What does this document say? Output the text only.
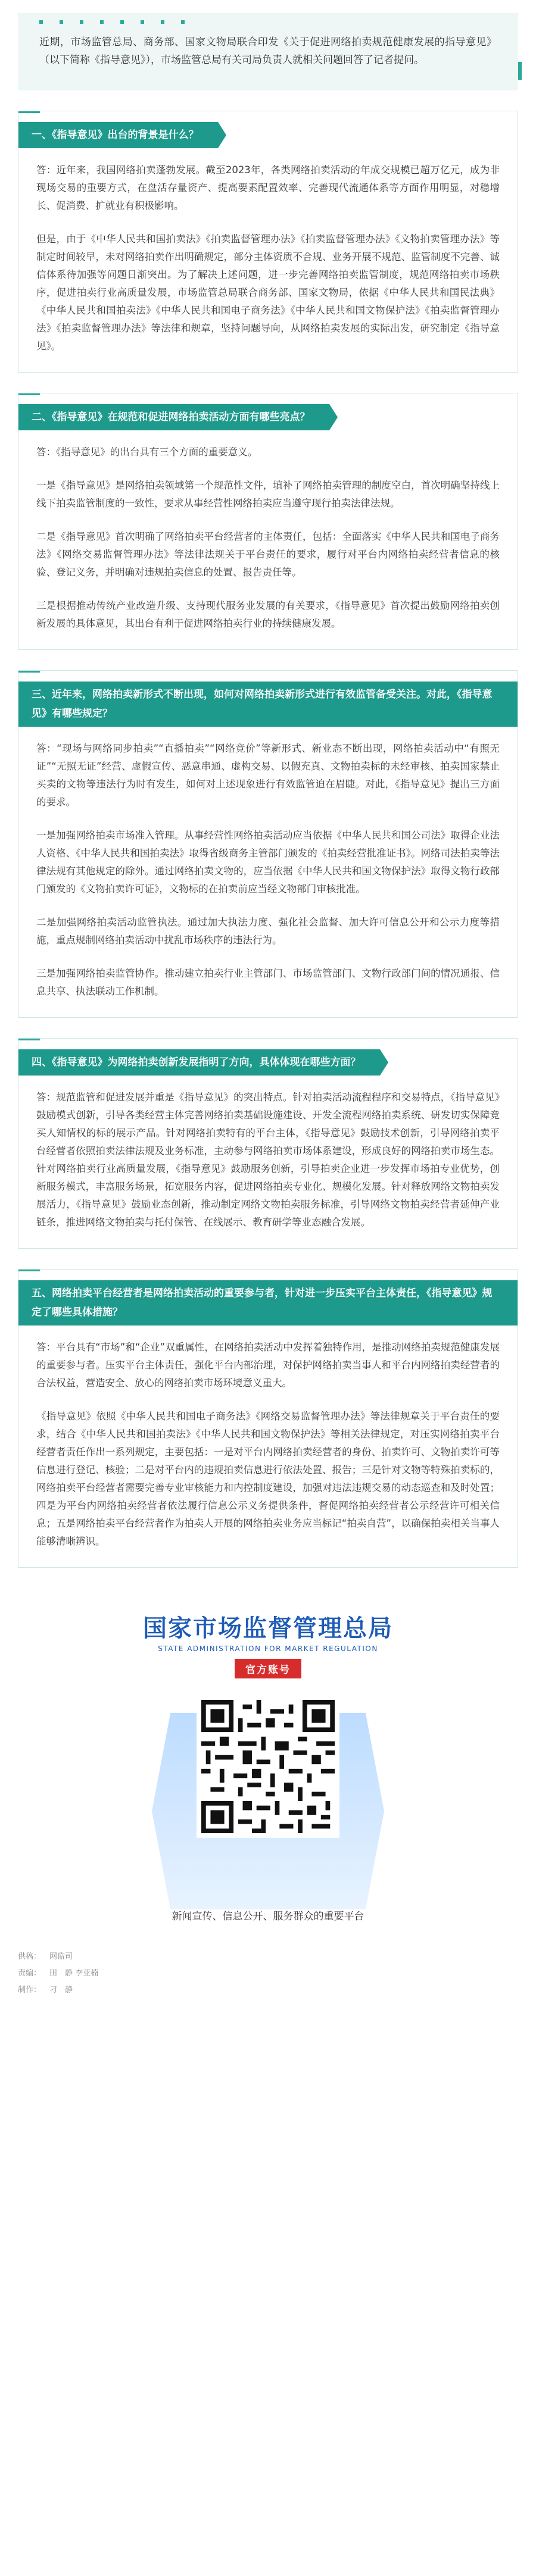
近期，市场监管总局、商务部、国家文物局联合印发《关于促进网络拍卖规范健康发展的指导意见》（以下简称《指导意见》），市场监管总局有关司局负责人就相关问题回答了记者提问。

一、《指导意见》出台的背景是什么？

答：近年来，我国网络拍卖蓬勃发展。截至2023年，各类网络拍卖活动的年成交规模已超万亿元，成为非现场交易的重要方式，在盘活存量资产、提高要素配置效率、完善现代流通体系等方面作用明显，对稳增长、促消费、扩就业有积极影响。

但是，由于《中华人民共和国拍卖法》《拍卖监督管理办法》《拍卖监督管理办法》《文物拍卖管理办法》等制定时间较早，未对网络拍卖作出明确规定，部分主体资质不合规、业务开展不规范、监管制度不完善、诚信体系待加强等问题日渐突出。为了解决上述问题，进一步完善网络拍卖监管制度，规范网络拍卖市场秩序，促进拍卖行业高质量发展，市场监管总局联合商务部、国家文物局，依据《中华人民共和国民法典》《中华人民共和国拍卖法》《中华人民共和国电子商务法》《中华人民共和国文物保护法》《拍卖监督管理办法》《拍卖监督管理办法》等法律和规章，坚持问题导向，从网络拍卖发展的实际出发，研究制定《指导意见》。

二、《指导意见》在规范和促进网络拍卖活动方面有哪些亮点？

答：《指导意见》的出台具有三个方面的重要意义。

一是《指导意见》是网络拍卖领域第一个规范性文件，填补了网络拍卖管理的制度空白，首次明确坚持线上线下拍卖监管制度的一致性，要求从事经营性网络拍卖应当遵守现行拍卖法律法规。

二是《指导意见》首次明确了网络拍卖平台经营者的主体责任，包括：全面落实《中华人民共和国电子商务法》《网络交易监督管理办法》等法律法规关于平台责任的要求，履行对平台内网络拍卖经营者信息的核验、登记义务，并明确对违规拍卖信息的处置、报告责任等。

三是根据推动传统产业改造升级、支持现代服务业发展的有关要求，《指导意见》首次提出鼓励网络拍卖创新发展的具体意见，其出台有利于促进网络拍卖行业的持续健康发展。

三、近年来，网络拍卖新形式不断出现，如何对网络拍卖新形式进行有效监管备受关注。对此，《指导意见》有哪些规定？

答：“现场与网络同步拍卖”“直播拍卖”“网络竞价”等新形式、新业态不断出现，网络拍卖活动中“有照无证”“无照无证”经营、虚假宣传、恶意串通、虚构交易、以假充真、文物拍卖标的未经审核、拍卖国家禁止买卖的文物等违法行为时有发生，如何对上述现象进行有效监管迫在眉睫。对此，《指导意见》提出三方面的要求。

一是加强网络拍卖市场准入管理。从事经营性网络拍卖活动应当依据《中华人民共和国公司法》取得企业法人资格、《中华人民共和国拍卖法》取得省级商务主管部门颁发的《拍卖经营批准证书》。网络司法拍卖等法律法规有其他规定的除外。通过网络拍卖文物的，应当依据《中华人民共和国文物保护法》取得文物行政部门颁发的《文物拍卖许可证》，文物标的在拍卖前应当经文物部门审核批准。

二是加强网络拍卖活动监管执法。通过加大执法力度、强化社会监督、加大许可信息公开和公示力度等措施，重点规制网络拍卖活动中扰乱市场秩序的违法行为。

三是加强网络拍卖监管协作。推动建立拍卖行业主管部门、市场监管部门、文物行政部门间的情况通报、信息共享、执法联动工作机制。

四、《指导意见》为网络拍卖创新发展指明了方向，具体体现在哪些方面？

答：规范监管和促进发展并重是《指导意见》的突出特点。针对拍卖活动流程程序和交易特点，《指导意见》鼓励模式创新，引导各类经营主体完善网络拍卖基础设施建设、开发全流程网络拍卖系统、研发切实保障竞买人知情权的标的展示产品。针对网络拍卖特有的平台主体，《指导意见》鼓励技术创新，引导网络拍卖平台经营者依照拍卖法律法规及业务标准，主动参与网络拍卖市场体系建设，形成良好的网络拍卖市场生态。针对网络拍卖行业高质量发展，《指导意见》鼓励服务创新，引导拍卖企业进一步发挥市场拍专业优势，创新服务模式，丰富服务场景，拓宽服务内容，促进网络拍卖专业化、规模化发展。针对释放网络文物拍卖发展活力，《指导意见》鼓励业态创新，推动制定网络文物拍卖服务标准，引导网络文物拍卖经营者延伸产业链条，推进网络文物拍卖与托付保管、在线展示、教育研学等业态融合发展。

五、网络拍卖平台经营者是网络拍卖活动的重要参与者，针对进一步压实平台主体责任，《指导意见》规定了哪些具体措施？

答：平台具有“市场”和“企业”双重属性，在网络拍卖活动中发挥着独特作用，是推动网络拍卖规范健康发展的重要参与者。压实平台主体责任，强化平台内部治理，对保护网络拍卖当事人和平台内网络拍卖经营者的合法权益，营造安全、放心的网络拍卖市场环境意义重大。

《指导意见》依照《中华人民共和国电子商务法》《网络交易监督管理办法》等法律规章关于平台责任的要求，结合《中华人民共和国拍卖法》《中华人民共和国文物保护法》等相关法律规定，对压实网络拍卖平台经营者责任作出一系列规定，主要包括：一是对平台内网络拍卖经营者的身份、拍卖许可、文物拍卖许可等信息进行登记、核验；二是对平台内的违规拍卖信息进行依法处置、报告；三是针对文物等特殊拍卖标的，网络拍卖平台经营者需要完善专业审核能力和内控制度建设，加强对违法违规交易的动态巡查和及时处置；四是为平台内网络拍卖经营者依法履行信息公示义务提供条件，督促网络拍卖经营者公示经营许可相关信息；五是网络拍卖平台经营者作为拍卖人开展的网络拍卖业务应当标记“拍卖自营”，以确保拍卖相关当事人能够清晰辨识。

国家市场监督管理总局
STATE ADMINISTRATION FOR MARKET REGULATION
官方账号
新闻宣传、信息公开、服务群众的重要平台
供稿： 网监司
责编： 田　静 李亚楠
制作： 刁　静
